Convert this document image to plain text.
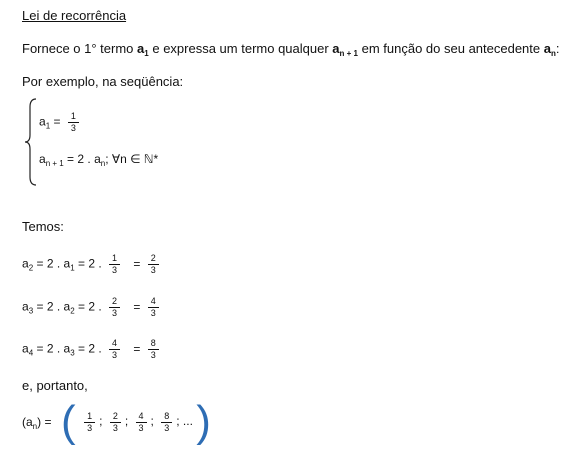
Lei de recorrência
Fornece o 1° termo $a_1$ e expressa um termo qualquer $a_{n + 1}$ em função do seu antecedente $a_n$:
Por exemplo, na seqüência:
$a_1 = \frac{1}{3}$
$a_{n + 1} = 2$ . $a_n$; ∀n ∈ ℕ*
Temos:
$a_2 = 2$ . $a_1 = 2$ . $\frac{1}{3} = \frac{2}{3}$
$a_3 = 2$ . $a_2 = 2$ . $\frac{2}{3} = \frac{4}{3}$
$a_4 = 2$ . $a_3 = 2$ . $\frac{4}{3} = \frac{8}{3}$
e, portanto,
$(a_n)$ = ( $\frac{1}{3}$ ; $\frac{2}{3}$ ; $\frac{4}{3}$ ; $\frac{8}{3}$ ; ... )
